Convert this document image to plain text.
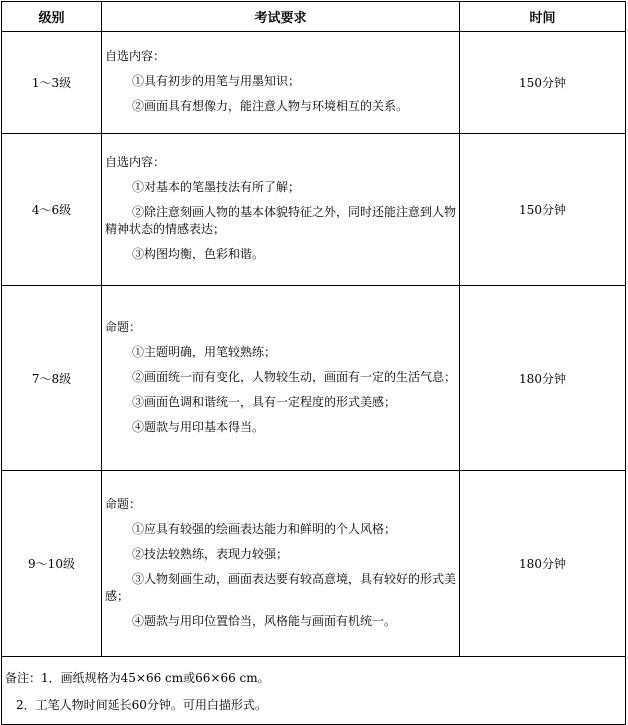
级别	考试要求	时间
1～3级	自选内容：
①具有初步的用笔与用墨知识；
②画面具有想像力，能注意人物与环境相互的关系。	150分钟
4～6级	自选内容：
①对基本的笔墨技法有所了解；
②除注意刻画人物的基本体貌特征之外，同时还能注意到人物精神状态的情感表达；
③构图均衡，色彩和谐。	150分钟
7～8级	命题：
①主题明确，用笔较熟练；
②画面统一而有变化，人物较生动，画面有一定的生活气息；
③画面色调和谐统一，具有一定程度的形式美感；
④题款与用印基本得当。	180分钟
9～10级	命题：
①应具有较强的绘画表达能力和鲜明的个人风格；
②技法较熟练，表现力较强；
③人物刻画生动，画面表达要有较高意境，具有较好的形式美感；
④题款与用印位置恰当，风格能与画面有机统一。	180分钟

备注：1．画纸规格为45×66 cm或66×66 cm。
2．工笔人物时间延长60分钟。可用白描形式。		
